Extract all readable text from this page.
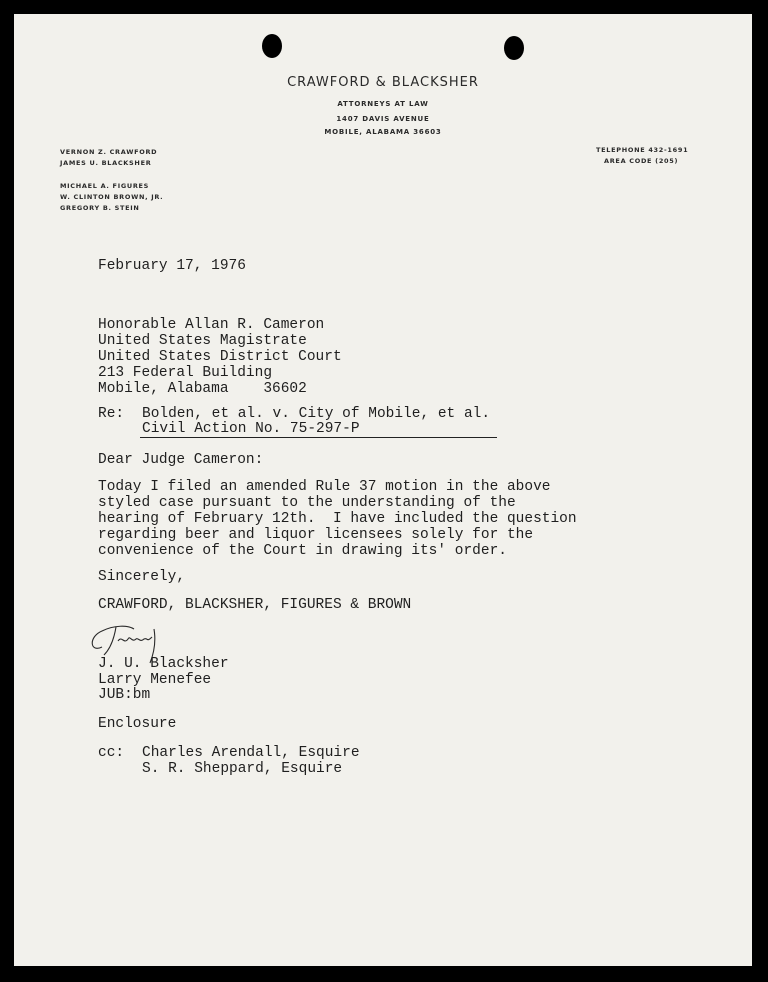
CRAWFORD & BLACKSHER
ATTORNEYS AT LAW
1407 DAVIS AVENUE
MOBILE, ALABAMA 36603
VERNON Z. CRAWFORD
JAMES U. BLACKSHER
MICHAEL A. FIGURES
W. CLINTON BROWN, JR.
GREGORY B. STEIN
TELEPHONE 432-1691
AREA CODE (205)
February 17, 1976
Honorable Allan R. Cameron
United States Magistrate
United States District Court
213 Federal Building
Mobile, Alabama    36602
Re: Bolden, et al. v. City of Mobile, et al.
Civil Action No. 75-297-P
Dear Judge Cameron:
Today I filed an amended Rule 37 motion in the above
styled case pursuant to the understanding of the
hearing of February 12th.  I have included the question
regarding beer and liquor licensees solely for the
convenience of the Court in drawing its' order.
Sincerely,
CRAWFORD, BLACKSHER, FIGURES & BROWN
J. U. Blacksher
Larry Menefee
JUB:bm
Enclosure
cc: Charles Arendall, Esquire
S. R. Sheppard, Esquire
